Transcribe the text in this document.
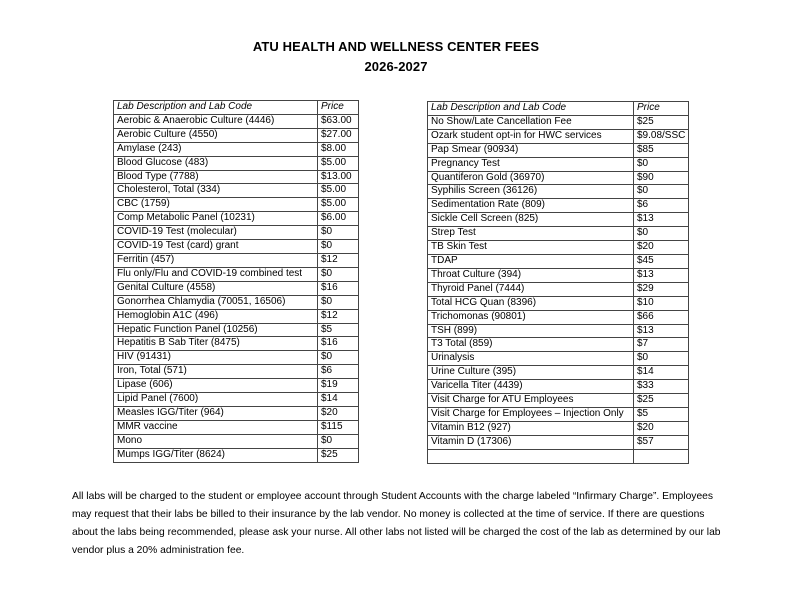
ATU HEALTH AND WELLNESS CENTER FEES
2026-2027
Lab Description and Lab Code	Price
Aerobic & Anaerobic Culture (4446)	$63.00
Aerobic Culture (4550)	$27.00
Amylase (243)	$8.00
Blood Glucose (483)	$5.00
Blood Type (7788)	$13.00
Cholesterol, Total (334)	$5.00
CBC (1759)	$5.00
Comp Metabolic Panel (10231)	$6.00
COVID-19 Test (molecular)	$0
COVID-19 Test (card) grant	$0
Ferritin (457)	$12
Flu only/Flu and COVID-19 combined test	$0
Genital Culture (4558)	$16
Gonorrhea Chlamydia (70051, 16506)	$0
Hemoglobin A1C (496)	$12
Hepatic Function Panel (10256)	$5
Hepatitis B Sab Titer (8475)	$16
HIV (91431)	$0
Iron, Total (571)	$6
Lipase (606)	$19
Lipid Panel (7600)	$14
Measles IGG/Titer (964)	$20
MMR vaccine	$115
Mono	$0
Mumps IGG/Titer (8624)	$25
Lab Description and Lab Code	Price
No Show/Late Cancellation Fee	$25
Ozark student opt-in for HWC services	$9.08/SSC
Pap Smear (90934)	$85
Pregnancy Test	$0
Quantiferon Gold (36970)	$90
Syphilis Screen (36126)	$0
Sedimentation Rate (809)	$6
Sickle Cell Screen (825)	$13
Strep Test	$0
TB Skin Test	$20
TDAP	$45
Throat Culture (394)	$13
Thyroid Panel (7444)	$29
Total HCG Quan (8396)	$10
Trichomonas (90801)	$66
TSH (899)	$13
T3 Total (859)	$7
Urinalysis	$0
Urine Culture (395)	$14
Varicella Titer (4439)	$33
Visit Charge for ATU Employees	$25
Visit Charge for Employees – Injection Only	$5
Vitamin B12 (927)	$20
Vitamin D (17306)	$57

All labs will be charged to the student or employee account through Student Accounts with the charge labeled “Infirmary Charge”. Employees may request that their labs be billed to their insurance by the lab vendor. No money is collected at the time of service. If there are questions about the labs being recommended, please ask your nurse. All other labs not listed will be charged the cost of the lab as determined by our lab vendor plus a 20% administration fee.
